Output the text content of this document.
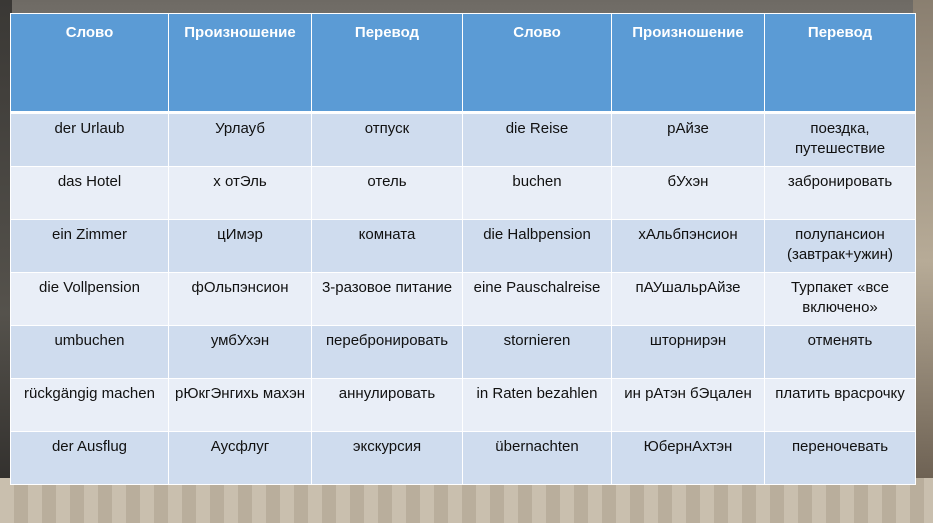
Слово	Произношение	Перевод	Слово	Произношение	Перевод
der Urlaub	Урлауб	отпуск	die Reise	рАйзе	поездка, путешествие
das Hotel	х отЭль	отель	buchen	бУхэн	забронировать
ein Zimmer	цИмэр	комната	die Halbpension	хАльбпэнсион	полупансион (завтрак+ужин)
die Vollpension	фОльпэнсион	3-разовое питание	eine Pauschalreise	пАУшальрАйзе	Турпакет «все включено»
umbuchen	умбУхэн	перебронировать	stornieren	шторнирэн	отменять
rückgängig machen	рЮкгЭнгихь махэн	аннулировать	in Raten bezahlen	ин рАтэн бЭцален	платить врасрочку
der Ausflug	Аусфлуг	экскурсия	übernachten	ЮбернАхтэн	переночевать
